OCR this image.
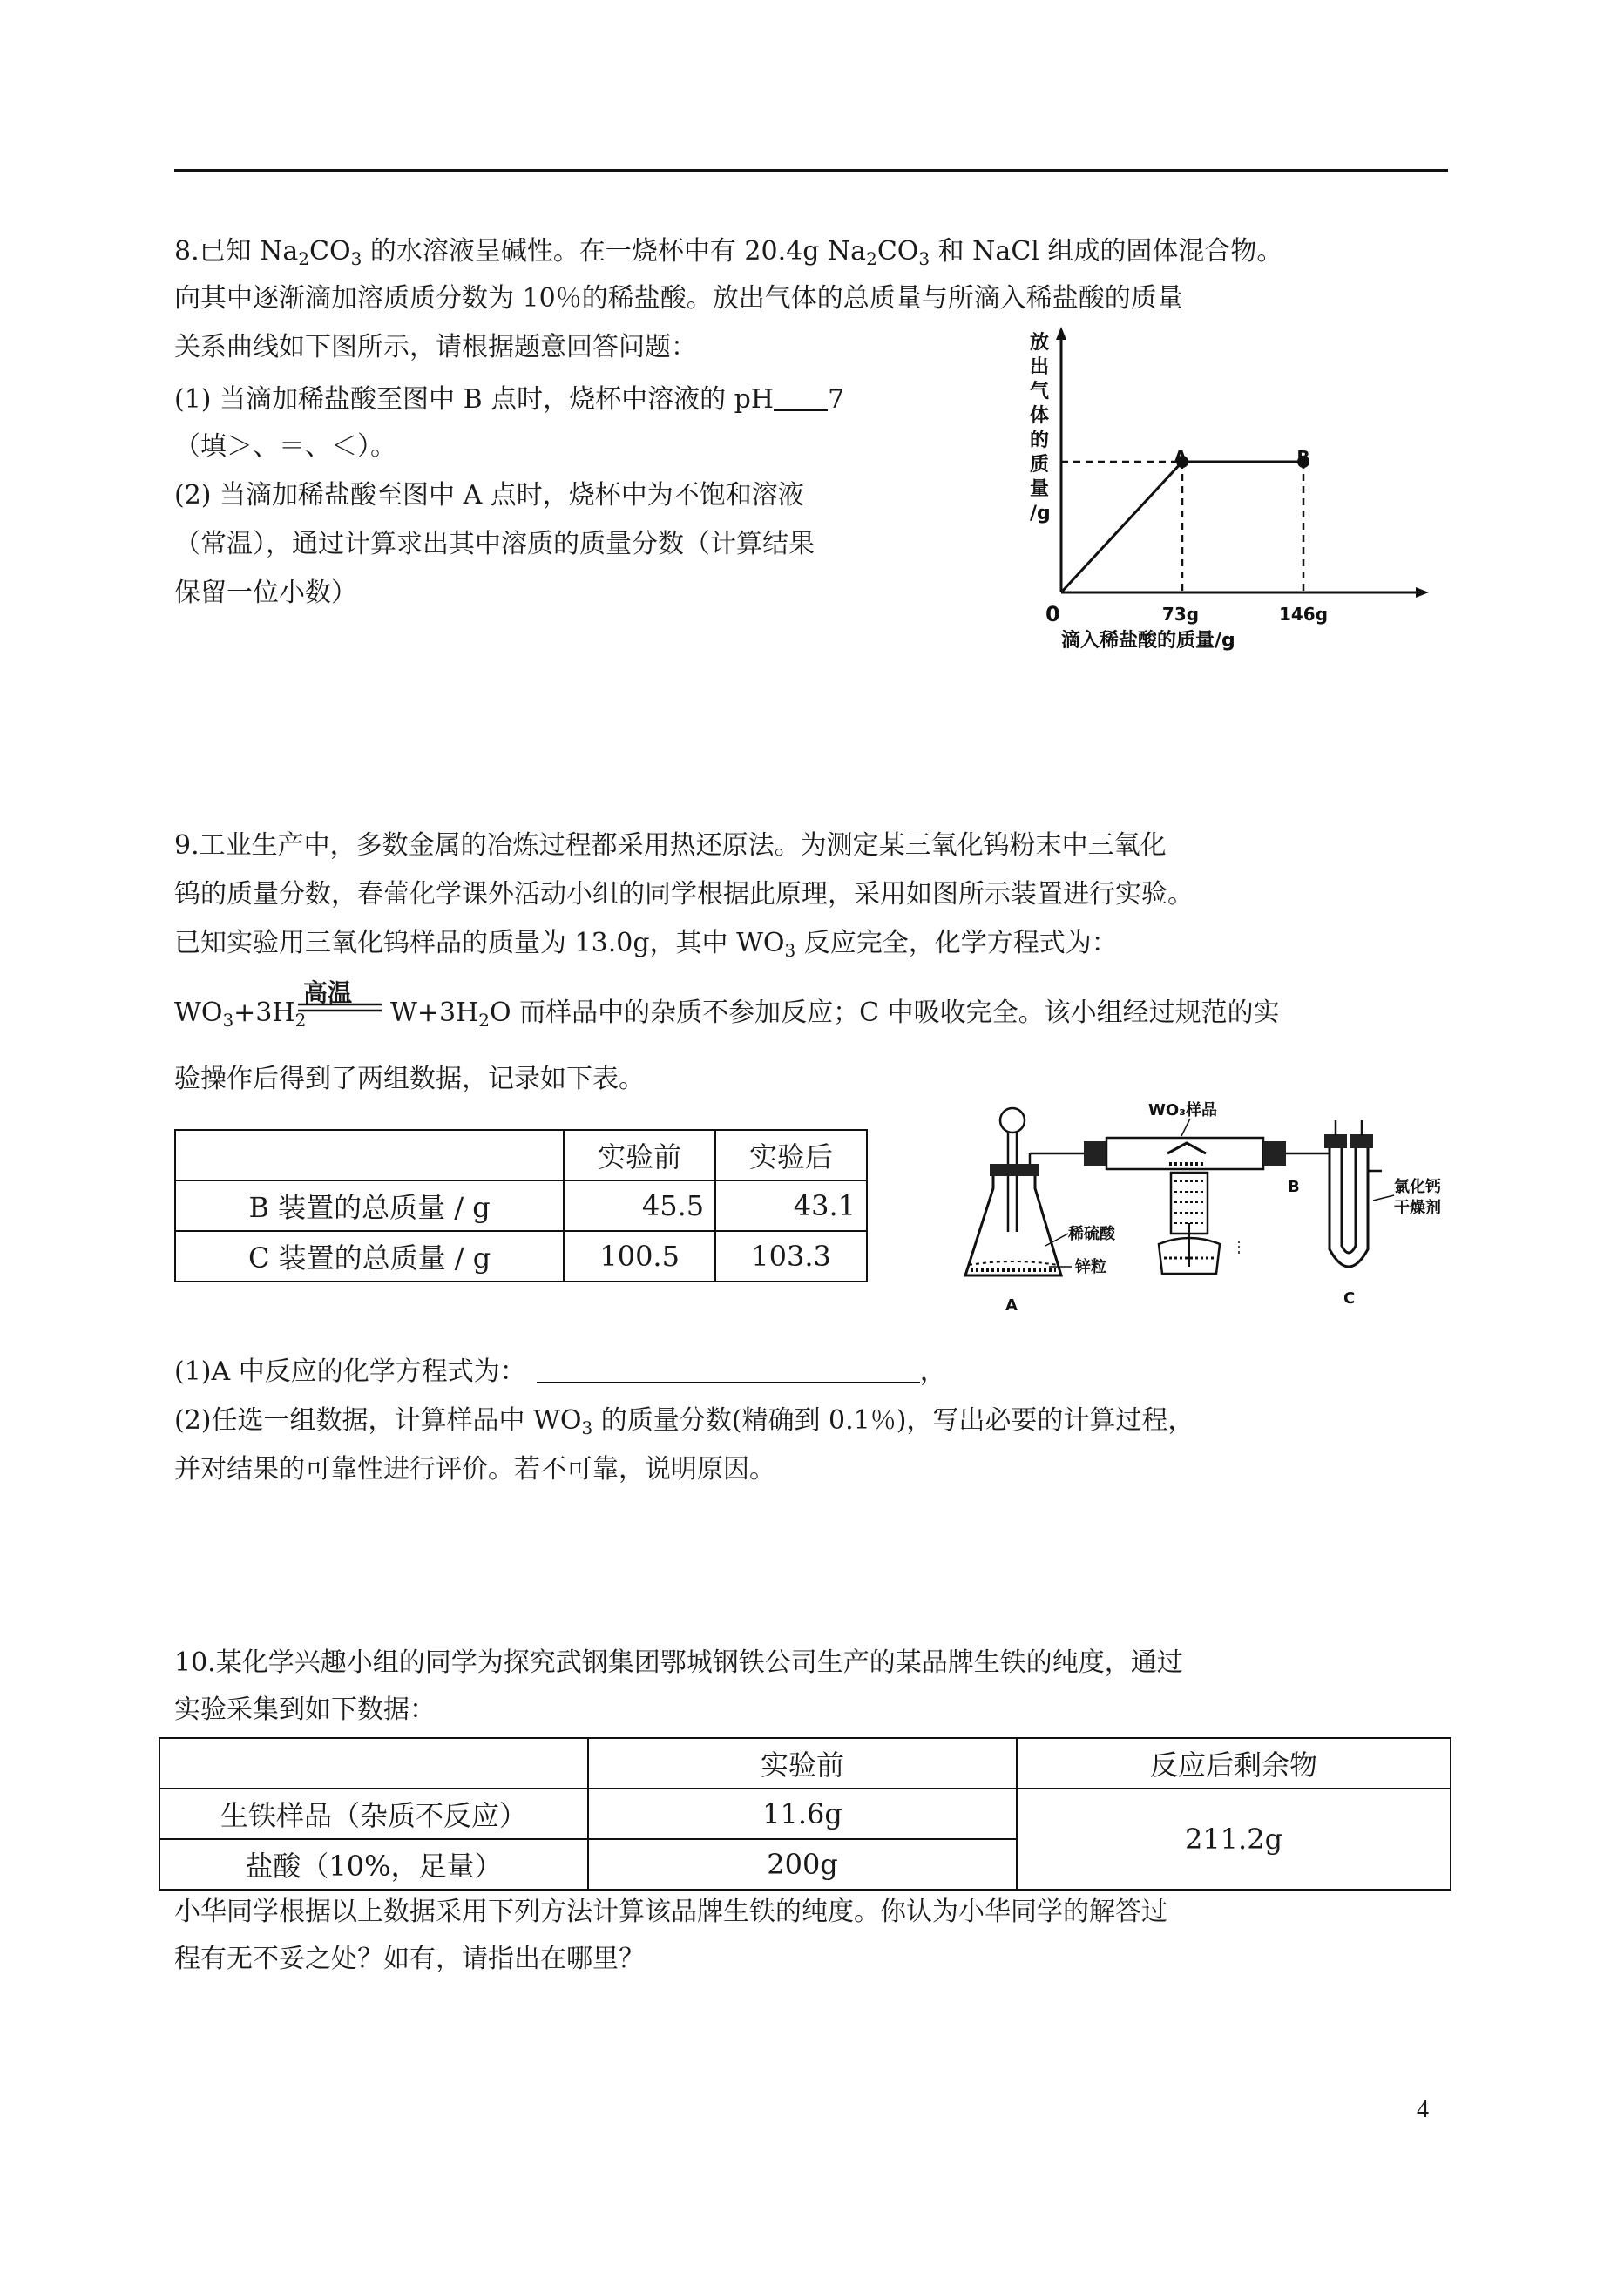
8.已知 $Na_2CO_3$ 的水溶液呈碱性。在一烧杯中有 20.4g $Na_2CO_3$ 和 NaCl 组成的固体混合物。
向其中逐渐滴加溶质质分数为 10％的稀盐酸。放出气体的总质量与所滴入稀盐酸的质量
关系曲线如下图所示，请根据题意回答问题：
(1) 当滴加稀盐酸至图中 B 点时，烧杯中溶液的 pH 7
（填＞、＝、＜）。
(2) 当滴加稀盐酸至图中 A 点时，烧杯中为不饱和溶液
（常温），通过计算求出其中溶质的质量分数（计算结果
保留一位小数）
放 出 气 体 的 质 量 /g
0	73g	146g
滴入稀盐酸的质量/g
A	B
9.工业生产中，多数金属的冶炼过程都采用热还原法。为测定某三氧化钨粉末中三氧化
钨的质量分数，春蕾化学课外活动小组的同学根据此原理，采用如图所示装置进行实验。
已知实验用三氧化钨样品的质量为 13.0g，其中 $WO_3$ 反应完全，化学方程式为：
$WO_3+3H_2$
高温
$W+3H_2O$ 而样品中的杂质不参加反应；C 中吸收完全。该小组经过规范的实
验操作后得到了两组数据，记录如下表。
	实验前	实验后
B 装置的总质量 / g	45.5	43.1
C 装置的总质量 / g	100.5	103.3
稀硫酸
锌粒
A
WO₃样品
B	氯化钙
干燥剂
C
(1)A 中反应的化学方程式为：	，
(2)任选一组数据，计算样品中 $WO_3$ 的质量分数(精确到 0.1％)，写出必要的计算过程，
并对结果的可靠性进行评价。若不可靠，说明原因。
10.某化学兴趣小组的同学为探究武钢集团鄂城钢铁公司生产的某品牌生铁的纯度，通过
实验采集到如下数据：
	实验前	反应后剩余物
生铁样品（杂质不反应）	11.6g	211.2g
盐酸（10%，足量）	200g	
小华同学根据以上数据采用下列方法计算该品牌生铁的纯度。你认为小华同学的解答过
程有无不妥之处？如有，请指出在哪里？
4
